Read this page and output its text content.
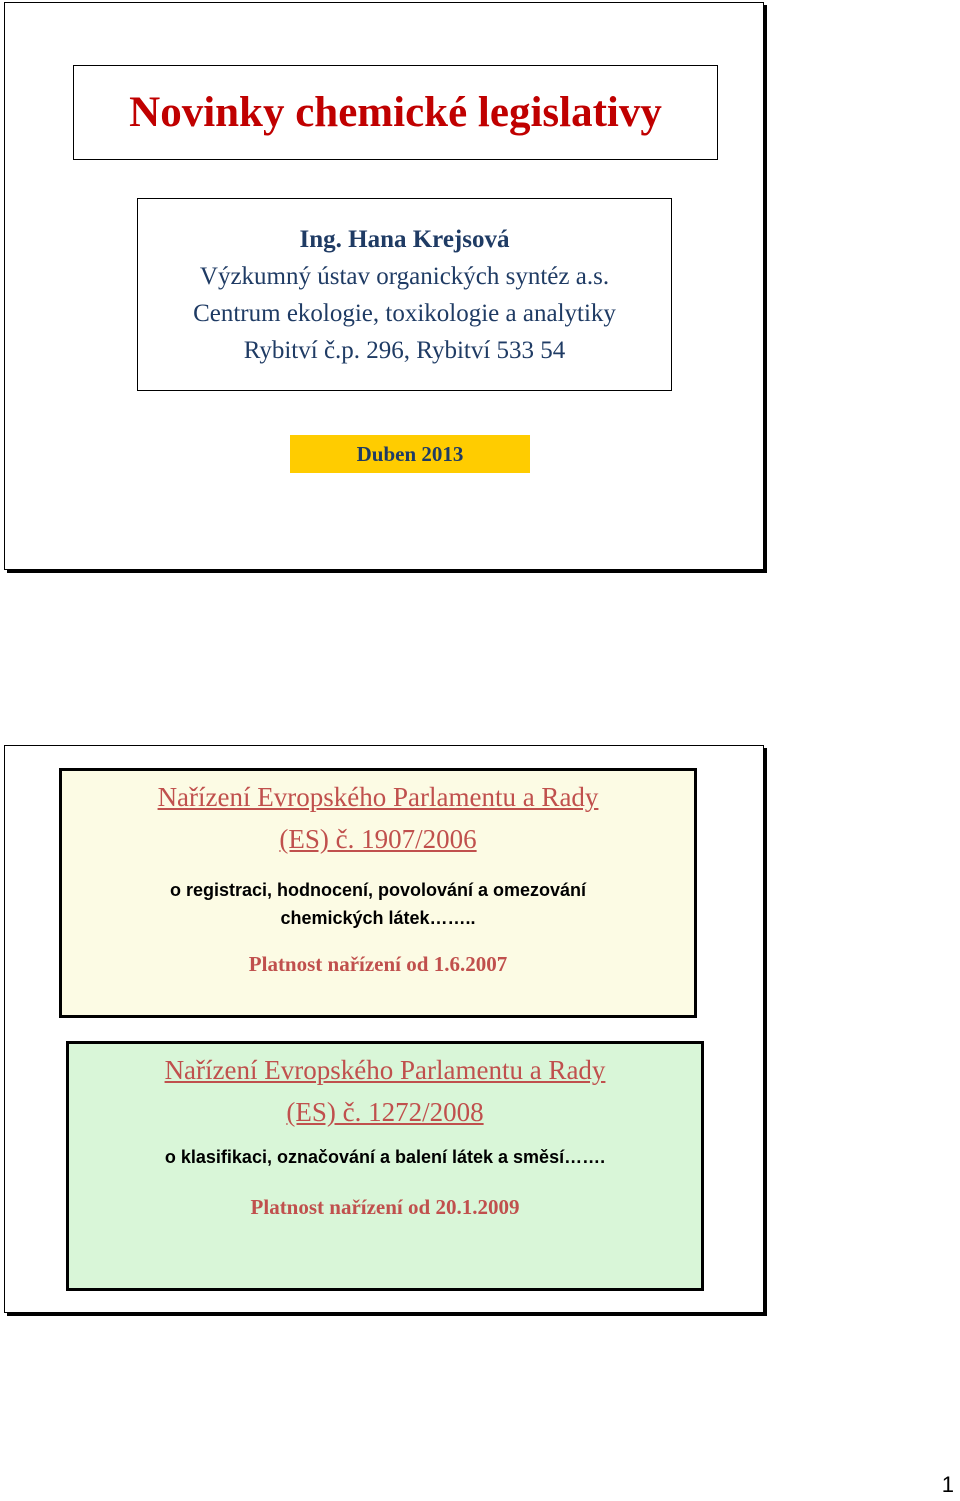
Novinky chemické legislativy
Ing. Hana Krejsová
Výzkumný ústav organických syntéz a.s.
Centrum ekologie, toxikologie a analytiky
Rybitví č.p. 296, Rybitví 533 54
Duben 2013
Nařízení Evropského Parlamentu a Rady
(ES) č. 1907/2006
o registraci, hodnocení, povolování a omezování
chemických látek……..
Platnost nařízení od 1.6.2007
Nařízení Evropského Parlamentu a Rady
(ES) č. 1272/2008
o klasifikaci, označování a balení látek a směsí…….
Platnost nařízení od 20.1.2009
1
